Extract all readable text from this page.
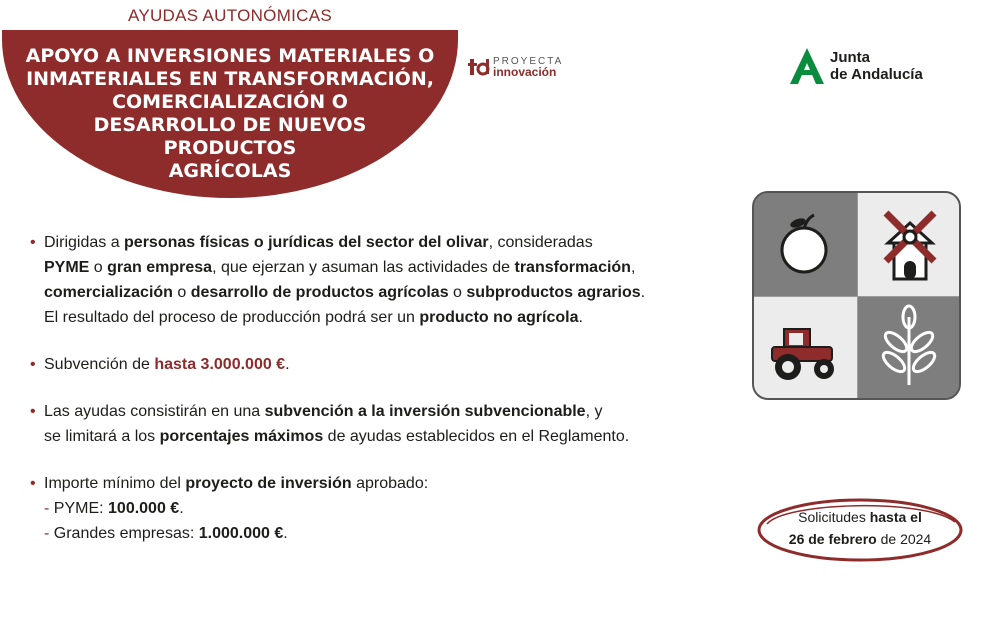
AYUDAS AUTONÓMICAS
APOYO A INVERSIONES MATERIALES O
INMATERIALES EN TRANSFORMACIÓN,
COMERCIALIZACIÓN O
DESARROLLO DE NUEVOS
PRODUCTOS
AGRÍCOLAS
PROYECTA
innovación
Junta
de Andalucía
• Dirigidas a personas físicas o jurídicas del sector del olivar, consideradas
PYME o gran empresa, que ejerzan y asuman las actividades de transformación,
comercialización o desarrollo de productos agrícolas o subproductos agrarios.
El resultado del proceso de producción podrá ser un producto no agrícola.
• Subvención de hasta 3.000.000 €.
• Las ayudas consistirán en una subvención a la inversión subvencionable, y
se limitará a los porcentajes máximos de ayudas establecidos en el Reglamento.
• Importe mínimo del proyecto de inversión aprobado:
- PYME: 100.000 €.
- Grandes empresas: 1.000.000 €.
Solicitudes hasta el
26 de febrero de 2024
